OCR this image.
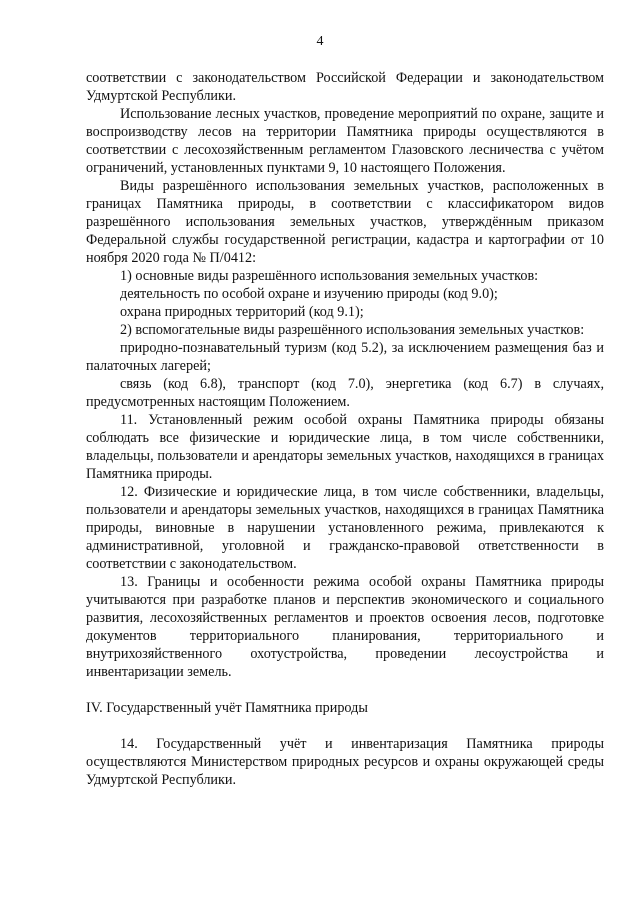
4

соответствии с законодательством Российской Федерации и законодательством Удмуртской Республики.

Использование лесных участков, проведение мероприятий по охране, защите и воспроизводству лесов на территории Памятника природы осуществляются в соответствии с лесохозяйственным регламентом Глазовского лесничества с учётом ограничений, установленных пунктами 9, 10 настоящего Положения.

Виды разрешённого использования земельных участков, расположенных в границах Памятника природы, в соответствии с классификатором видов разрешённого использования земельных участков, утверждённым приказом Федеральной службы государственной регистрации, кадастра и картографии от 10 ноября 2020 года № П/0412:

1) основные виды разрешённого использования земельных участков:

деятельность по особой охране и изучению природы (код 9.0);

охрана природных территорий (код 9.1);

2) вспомогательные виды разрешённого использования земельных участков:

природно-познавательный туризм (код 5.2), за исключением размещения баз и палаточных лагерей;

связь (код 6.8), транспорт (код 7.0), энергетика (код 6.7) в случаях, предусмотренных настоящим Положением.

11. Установленный режим особой охраны Памятника природы обязаны соблюдать все физические и юридические лица, в том числе собственники, владельцы, пользователи и арендаторы земельных участков, находящихся в границах Памятника природы.

12. Физические и юридические лица, в том числе собственники, владельцы, пользователи и арендаторы земельных участков, находящихся в границах Памятника природы, виновные в нарушении установленного режима, привлекаются к административной, уголовной и гражданско-правовой ответственности в соответствии с законодательством.

13. Границы и особенности режима особой охраны Памятника природы учитываются при разработке планов и перспектив экономического и социального развития, лесохозяйственных регламентов и проектов освоения лесов, подготовке документов территориального планирования, территориального и внутрихозяйственного охотустройства, проведении лесоустройства и инвентаризации земель.

IV. Государственный учёт Памятника природы

14. Государственный учёт и инвентаризация Памятника природы осуществляются Министерством природных ресурсов и охраны окружающей среды Удмуртской Республики.
